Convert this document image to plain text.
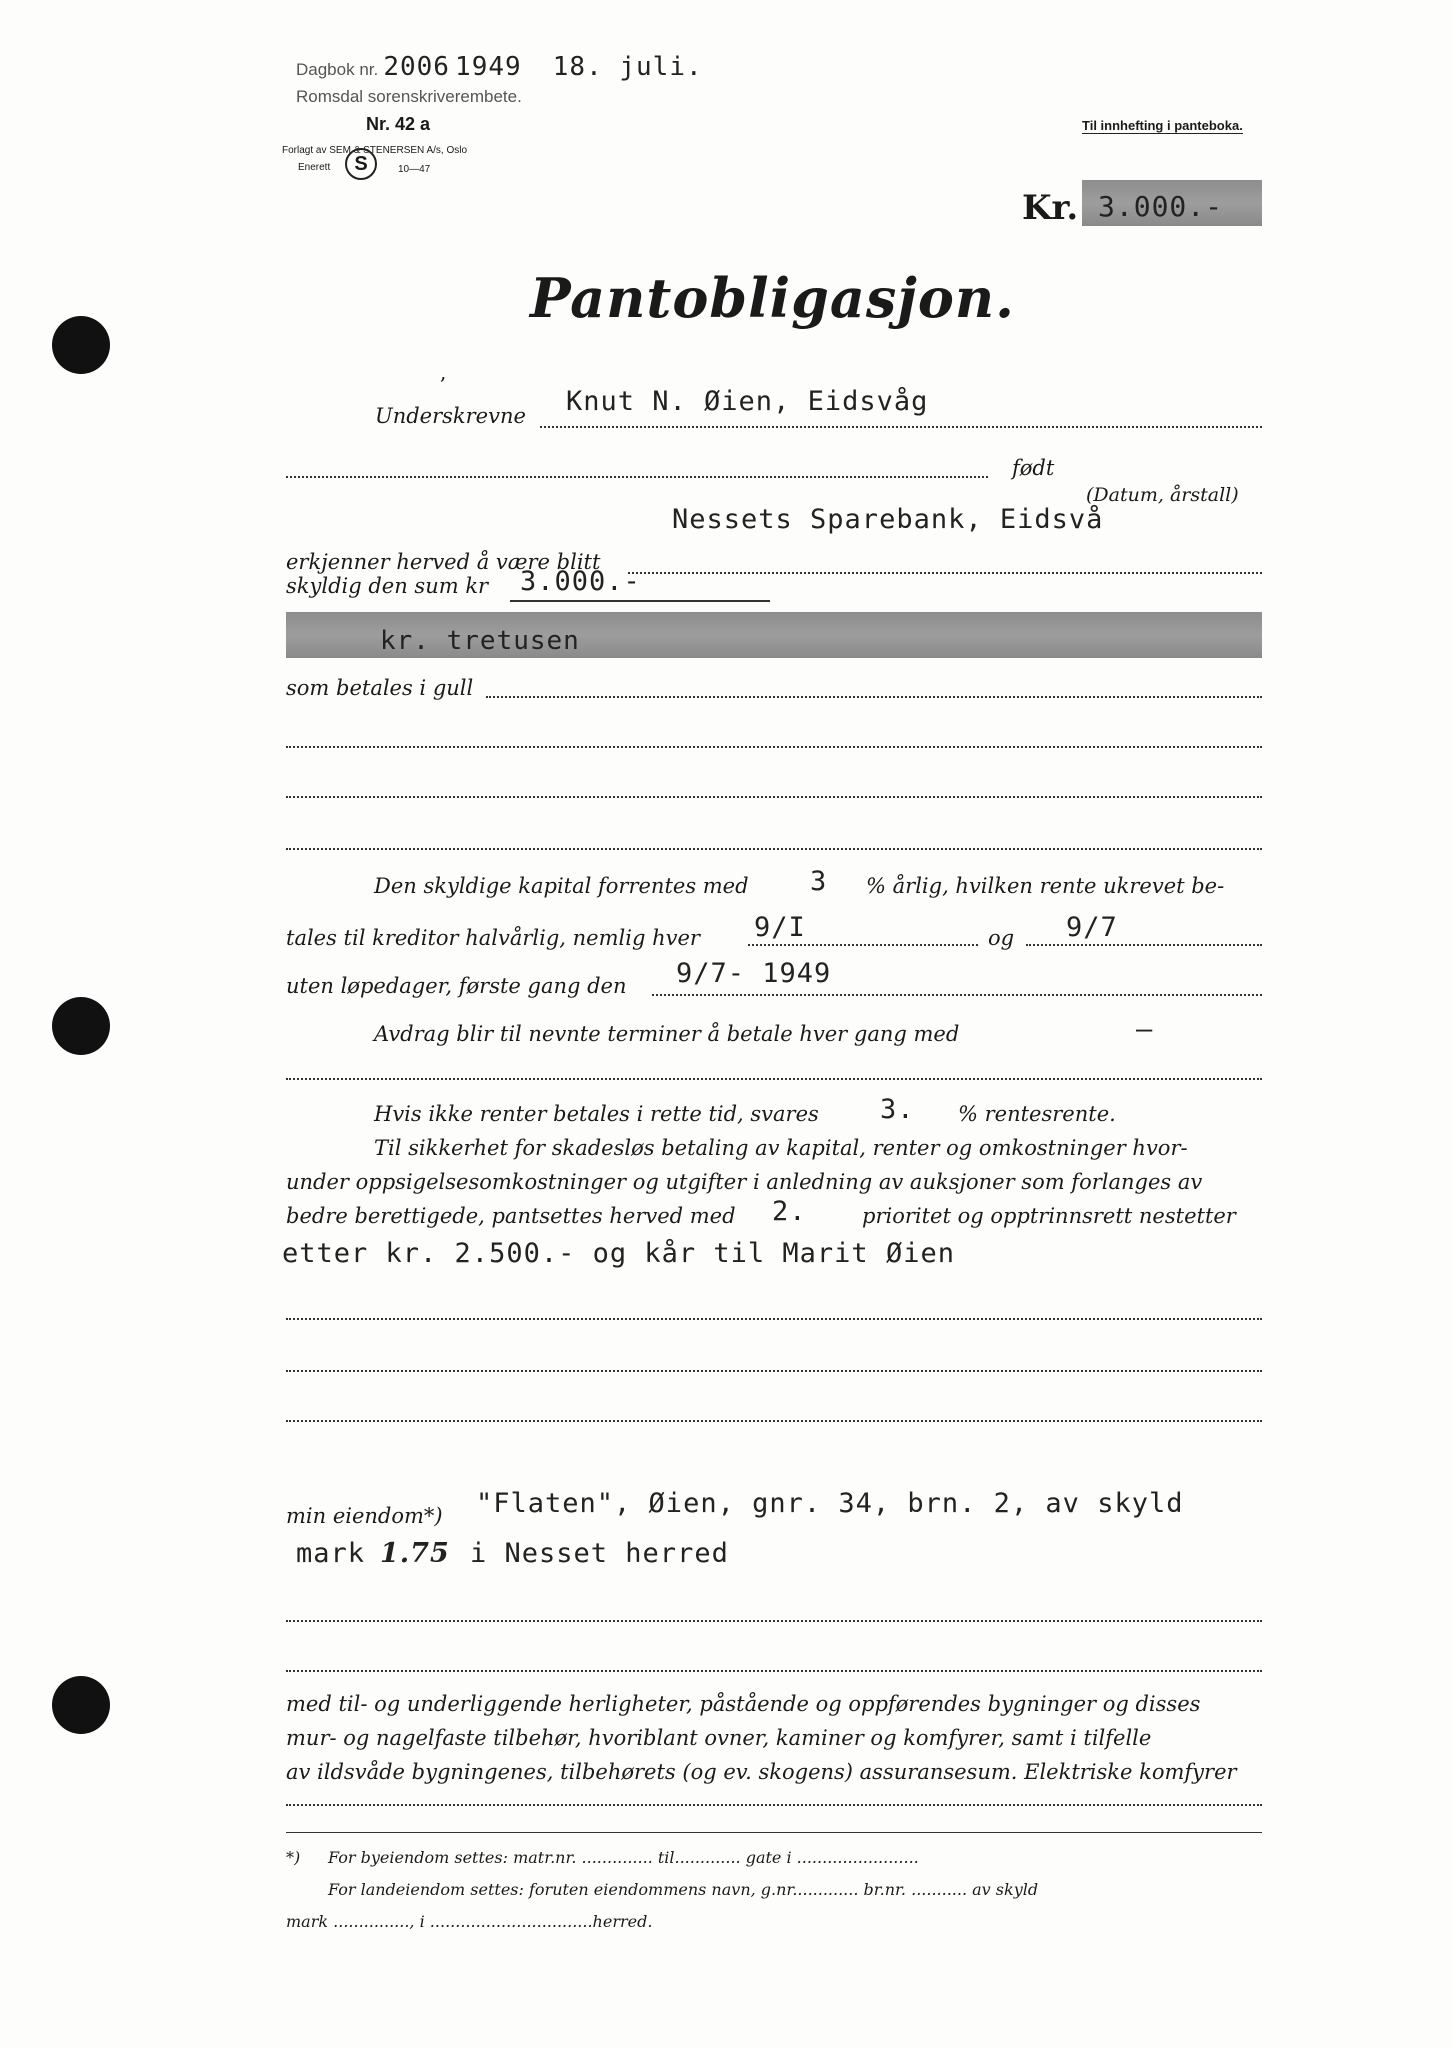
Dagbok nr. 2006 1949 18. juli.
Romsdal sorenskriverembete.
Nr. 42 a
Forlagt av SEM & STENERSEN A/s, Oslo
Enerett	S	10—47
Til innhefting i panteboka.
Kr. 3.000.-
Pantobligasjon.
,
Underskrevne Knut N. Øien, Eidsvåg
født
(Datum, årstall)
erkjenner herved å være blitt
Nessets Sparebank, Eidsvå
skyldig den sum kr 3.000.-
kr. tretusen
som betales i gull
Den skyldige kapital forrentes med 3 % årlig, hvilken rente ukrevet be-
tales til kreditor halvårlig, nemlig hver 9/I	og 9/7
uten løpedager, første gang den 9/7- 1949
Avdrag blir til nevnte terminer å betale hver gang med	—
Hvis ikke renter betales i rette tid, svares 3. % rentesrente.
Til sikkerhet for skadesløs betaling av kapital, renter og omkostninger hvor-
under oppsigelsesomkostninger og utgifter i anledning av auksjoner som forlanges av
bedre berettigede, pantsettes herved med 2.	prioritet og opptrinnsrett nestetter
etter kr. 2.500.- og kår til Marit Øien
min eiendom*) "Flaten", Øien, gnr. 34, brn. 2, av skyld
mark 1.75 i Nesset herred
med til- og underliggende herligheter, påstående og oppførendes bygninger og disses
mur- og nagelfaste tilbehør, hvoriblant ovner, kaminer og komfyrer, samt i tilfelle
av ildsvåde bygningenes, tilbehørets (og ev. skogens) assuransesum. Elektriske komfyrer
*) For byeiendom settes: matr.nr. .............. til............. gate i ........................
For landeiendom settes: foruten eiendommens navn, g.nr............. br.nr. ........... av skyld
mark ..............., i ................................herred.
